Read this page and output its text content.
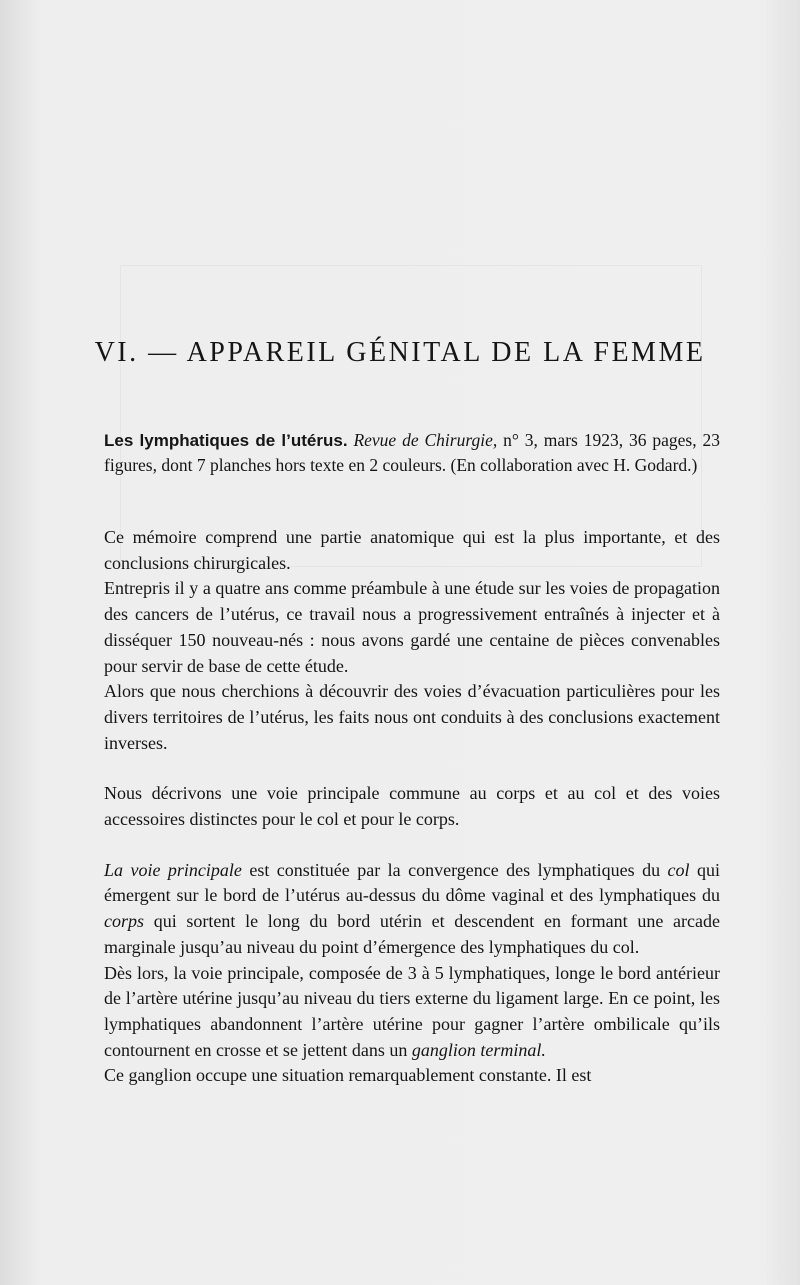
VI. — APPAREIL GÉNITAL DE LA FEMME

Les lymphatiques de l’utérus. Revue de Chirurgie, n° 3, mars 1923, 36 pages, 23 figures, dont 7 planches hors texte en 2 couleurs. (En collaboration avec H. Godard.)

Ce mémoire comprend une partie anatomique qui est la plus importante, et des conclusions chirurgicales.

Entrepris il y a quatre ans comme préambule à une étude sur les voies de propagation des cancers de l’utérus, ce travail nous a progressivement entraînés à injecter et à disséquer 150 nouveau-nés : nous avons gardé une centaine de pièces convenables pour servir de base de cette étude.

Alors que nous cherchions à découvrir des voies d’évacuation particulières pour les divers territoires de l’utérus, les faits nous ont conduits à des conclusions exactement inverses.

Nous décrivons une voie principale commune au corps et au col et des voies accessoires distinctes pour le col et pour le corps.

La voie principale est constituée par la convergence des lymphatiques du col qui émergent sur le bord de l’utérus au-dessus du dôme vaginal et des lymphatiques du corps qui sortent le long du bord utérin et descendent en formant une arcade marginale jusqu’au niveau du point d’émergence des lymphatiques du col.

Dès lors, la voie principale, composée de 3 à 5 lymphatiques, longe le bord antérieur de l’artère utérine jusqu’au niveau du tiers externe du ligament large. En ce point, les lymphatiques abandonnent l’artère utérine pour gagner l’artère ombilicale qu’ils contournent en crosse et se jettent dans un ganglion terminal.

Ce ganglion occupe une situation remarquablement constante. Il est
